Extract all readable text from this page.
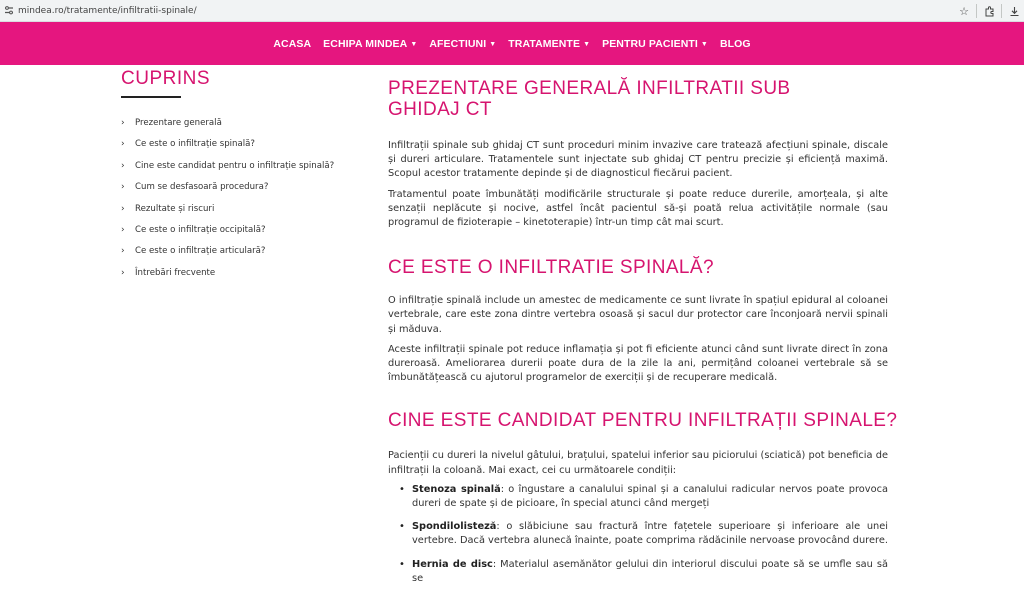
mindea.ro/tratamente/infiltratii-spinale/	☆
ACASA	ECHIPA MINDEA ▼	AFECTIUNI ▼	TRATAMENTE ▼	PENTRU PACIENTI ▼	BLOG
CUPRINS
›	Prezentare generală
›	Ce este o infiltrație spinală?
›	Cine este candidat pentru o infiltrație spinală?
›	Cum se desfasoară procedura?
›	Rezultate și riscuri
›	Ce este o infiltrație occipitală?
›	Ce este o infiltrație articulară?
›	Întrebări frecvente
PREZENTARE GENERALĂ INFILTRATII SUB GHIDAJ CT

Infiltrații spinale sub ghidaj CT sunt proceduri minim invazive care tratează afecțiuni spinale, discale și dureri articulare. Tratamentele sunt injectate sub ghidaj CT pentru precizie și eficiență maximă. Scopul acestor tratamente depinde și de diagnosticul fiecărui pacient.

Tratamentul poate îmbunătăți modificările structurale și poate reduce durerile, amorțeala, și alte senzații neplăcute și nocive, astfel încât pacientul să-și poată relua activitățile normale (sau programul de fizioterapie – kinetoterapie) într-un timp cât mai scurt.

CE ESTE O INFILTRATIE SPINALĂ?

O infiltrație spinală include un amestec de medicamente ce sunt livrate în spațiul epidural al coloanei vertebrale, care este zona dintre vertebra osoasă și sacul dur protector care înconjoară nervii spinali și măduva.

Aceste infiltrații spinale pot reduce inflamația și pot fi eficiente atunci când sunt livrate direct în zona dureroasă. Ameliorarea durerii poate dura de la zile la ani, permițând coloanei vertebrale să se îmbunătățească cu ajutorul programelor de exerciții și de recuperare medicală.

CINE ESTE CANDIDAT PENTRU INFILTRAȚII SPINALE?

Pacienții cu dureri la nivelul gâtului, brațului, spatelui inferior sau piciorului (sciatică) pot beneficia de infiltrații la coloană. Mai exact, cei cu următoarele condiții:

• Stenoza spinală: o îngustare a canalului spinal și a canalului radicular nervos poate provoca dureri de spate și de picioare, în special atunci când mergeți
• Spondilolisteză: o slăbiciune sau fractură între fațetele superioare și inferioare ale unei vertebre. Dacă vertebra alunecă înainte, poate comprima rădăcinile nervoase provocând durere.
• Hernia de disc: Materialul asemănător gelului din interiorul discului poate să se umfle sau să se
